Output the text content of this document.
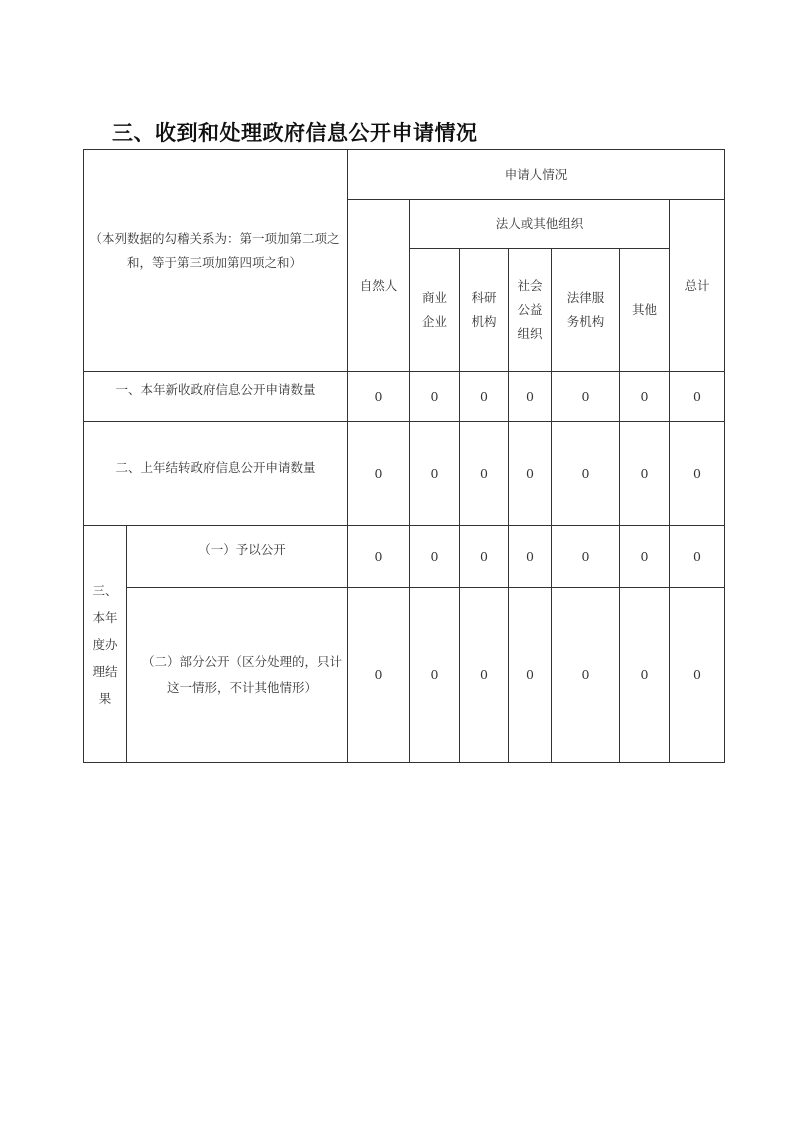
三、收到和处理政府信息公开申请情况
（本列数据的勾稽关系为：第一项加第二项之和，等于第三项加第四项之和）		申请人情况						
		自然人	法人或其他组织					总计

			商业企业	科研机构	社会公益组织	法律服务机构	其他	
一、本年新收政府信息公开申请数量		0	0	0	0	0	0	0
二、上年结转政府信息公开申请数量		0	0	0	0	0	0	0

三、本年度办理结果	（一）予以公开	0	0	0	0	0	0	0
	（二）部分公开（区分处理的，只计这一情形，不计其他情形）	0	0	0	0	0	0	0
